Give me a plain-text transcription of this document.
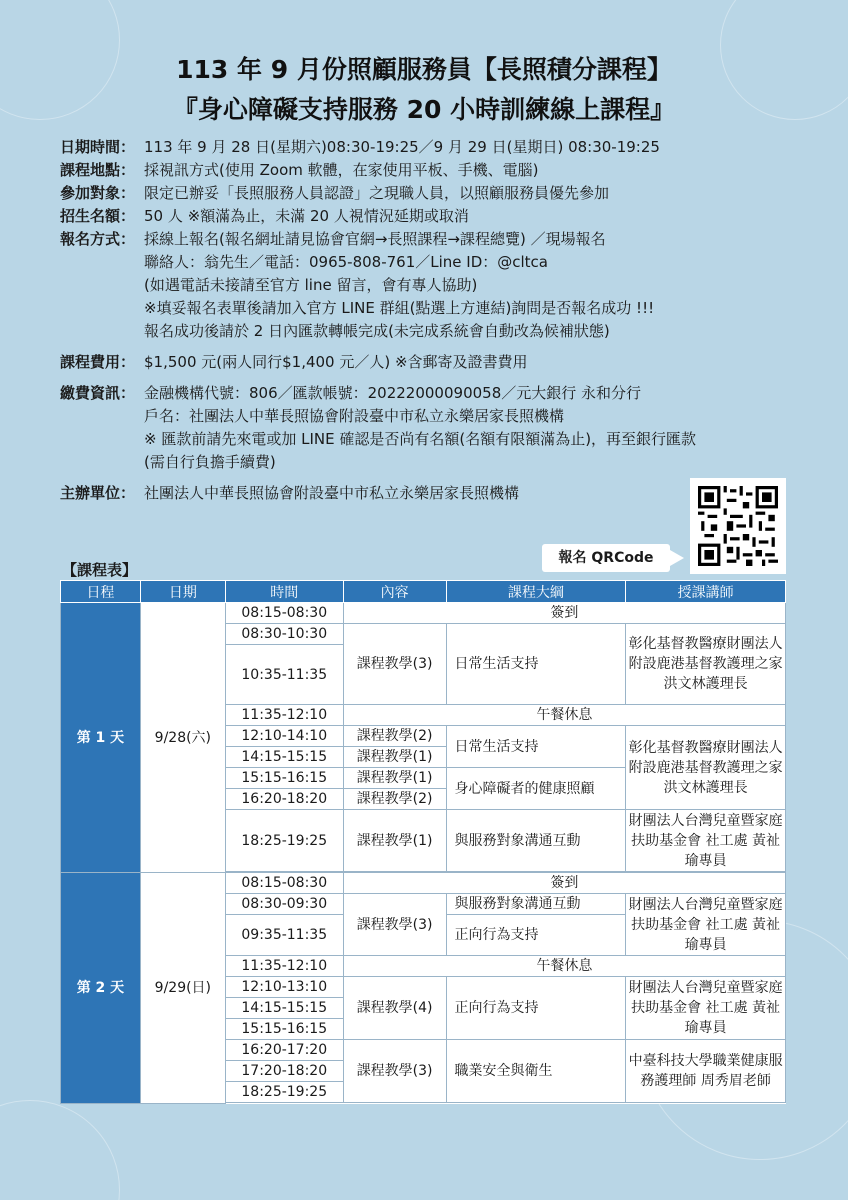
113 年 9 月份照顧服務員【長照積分課程】
『身心障礙支持服務 20 小時訓練線上課程』
日期時間： 113 年 9 月 28 日(星期六)08:30-19:25／9 月 29 日(星期日) 08:30-19:25
課程地點： 採視訊方式(使用 Zoom 軟體，在家使用平板、手機、電腦)
參加對象： 限定已辦妥「長照服務人員認證」之現職人員，以照顧服務員優先參加
招生名額： 50 人 ※額滿為止，未滿 20 人視情況延期或取消
報名方式： 採線上報名(報名網址請見協會官網→長照課程→課程總覽) ／現場報名
聯絡人：翁先生／電話：0965-808-761／Line ID：@cltca
(如遇電話未接請至官方 line 留言，會有專人協助)
※填妥報名表單後請加入官方 LINE 群組(點選上方連結)詢問是否報名成功 !!!
報名成功後請於 2 日內匯款轉帳完成(未完成系統會自動改為候補狀態)
課程費用： $1,500 元(兩人同行$1,400 元／人) ※含郵寄及證書費用
繳費資訊： 金融機構代號：806／匯款帳號：20222000090058／元大銀行 永和分行
戶名：社團法人中華長照協會附設臺中市私立永樂居家長照機構
※ 匯款前請先來電或加 LINE 確認是否尚有名額(名額有限額滿為止)，再至銀行匯款
(需自行負擔手續費)
主辦單位： 社團法人中華長照協會附設臺中市私立永樂居家長照機構
報名 QRCode
【課程表】
日程	日期	時間	內容	課程大綱	授課講師
第 1 天	9/28(六)	08:15-08:30	簽到		
		08:30-10:30	課程教學(3)	日常生活支持	彰化基督教醫療財團法人附設鹿港基督教護理之家 洪文林護理長
		10:35-11:35			
		11:35-12:10	午餐休息		
		12:10-14:10	課程教學(2)	日常生活支持	彰化基督教醫療財團法人附設鹿港基督教護理之家 洪文林護理長
		14:15-15:15	課程教學(1)		
		15:15-16:15	課程教學(1)	身心障礙者的健康照顧	
		16:20-18:20	課程教學(2)		
		18:25-19:25	課程教學(1)	與服務對象溝通互動	財團法人台灣兒童暨家庭扶助基金會 社工處 黃祉瑜專員

第 2 天	9/29(日)	08:15-08:30	簽到		
		08:30-09:30	課程教學(3)	與服務對象溝通互動	財團法人台灣兒童暨家庭扶助基金會 社工處 黃祉瑜專員
		09:35-11:35		正向行為支持	
		11:35-12:10	午餐休息		
		12:10-13:10	課程教學(4)	正向行為支持	財團法人台灣兒童暨家庭扶助基金會 社工處 黃祉瑜專員
		14:15-15:15			
		15:15-16:15			
		16:20-17:20	課程教學(3)	職業安全與衛生	中臺科技大學職業健康服務護理師 周秀眉老師
		17:20-18:20			
		18:25-19:25			
